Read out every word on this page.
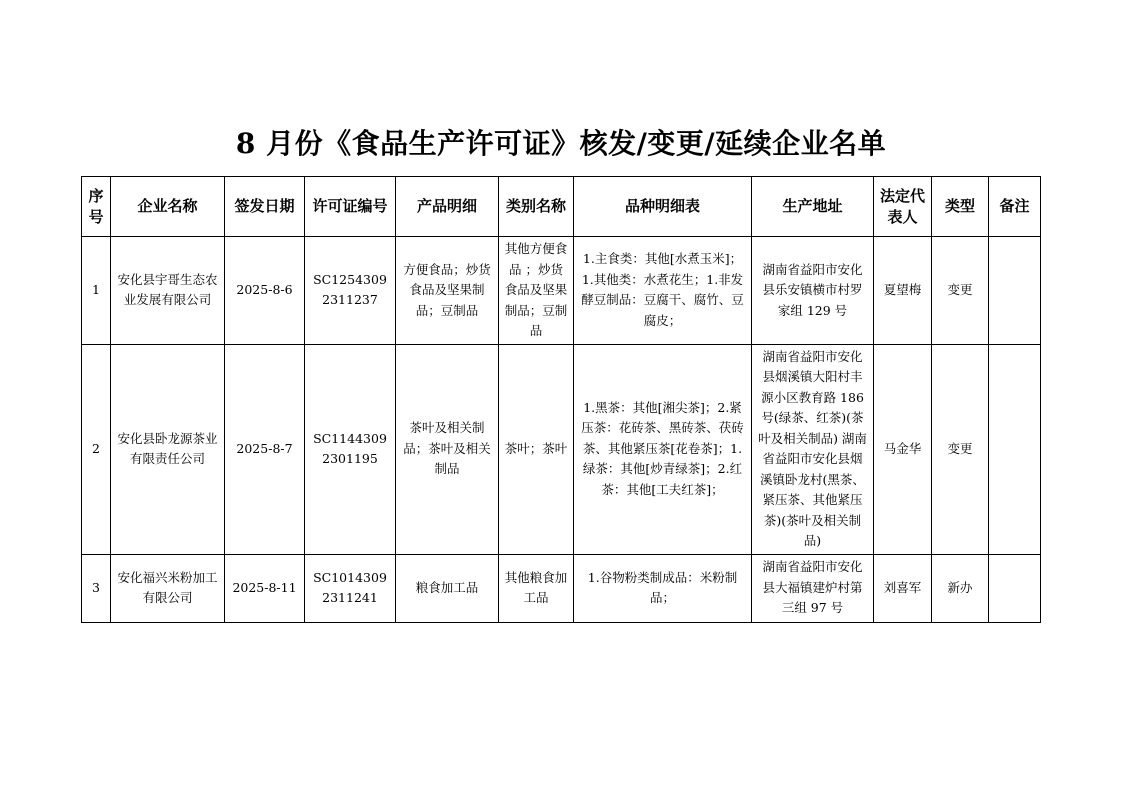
8 月份《食品生产许可证》核发/变更/延续企业名单
序号	企业名称	签发日期	许可证编号	产品明细	类别名称	品种明细表	生产地址	法定代表人	类型	备注
1	安化县宇哥生态农业发展有限公司	2025-8-6	SC12543092311237	方便食品；炒货食品及坚果制品；豆制品	其他方便食品 ；炒货食品及坚果制品；豆制品	1.主食类：其他[水煮玉米]；1.其他类：水煮花生；1.非发酵豆制品：豆腐干、腐竹、豆腐皮；	湖南省益阳市安化县乐安镇横市村罗家组 129 号	夏望梅	变更	
2	安化县卧龙源茶业有限责任公司	2025-8-7	SC11443092301195	茶叶及相关制品；茶叶及相关制品	茶叶；茶叶	1.黑茶：其他[湘尖茶]；2.紧压茶：花砖茶、黑砖茶、茯砖茶、其他紧压茶[花卷茶]；1.绿茶：其他[炒青绿茶]；2.红茶：其他[工夫红茶]；	湖南省益阳市安化县烟溪镇大阳村丰源小区教育路 186 号(绿茶、红茶)(茶叶及相关制品) 湖南省益阳市安化县烟溪镇卧龙村(黑茶、紧压茶、其他紧压茶)(茶叶及相关制品)	马金华	变更	
3	安化福兴米粉加工有限公司	2025-8-11	SC10143092311241	粮食加工品	其他粮食加工品	1.谷物粉类制成品：米粉制品；	湖南省益阳市安化县大福镇建炉村第三组 97 号	刘喜军	新办	
